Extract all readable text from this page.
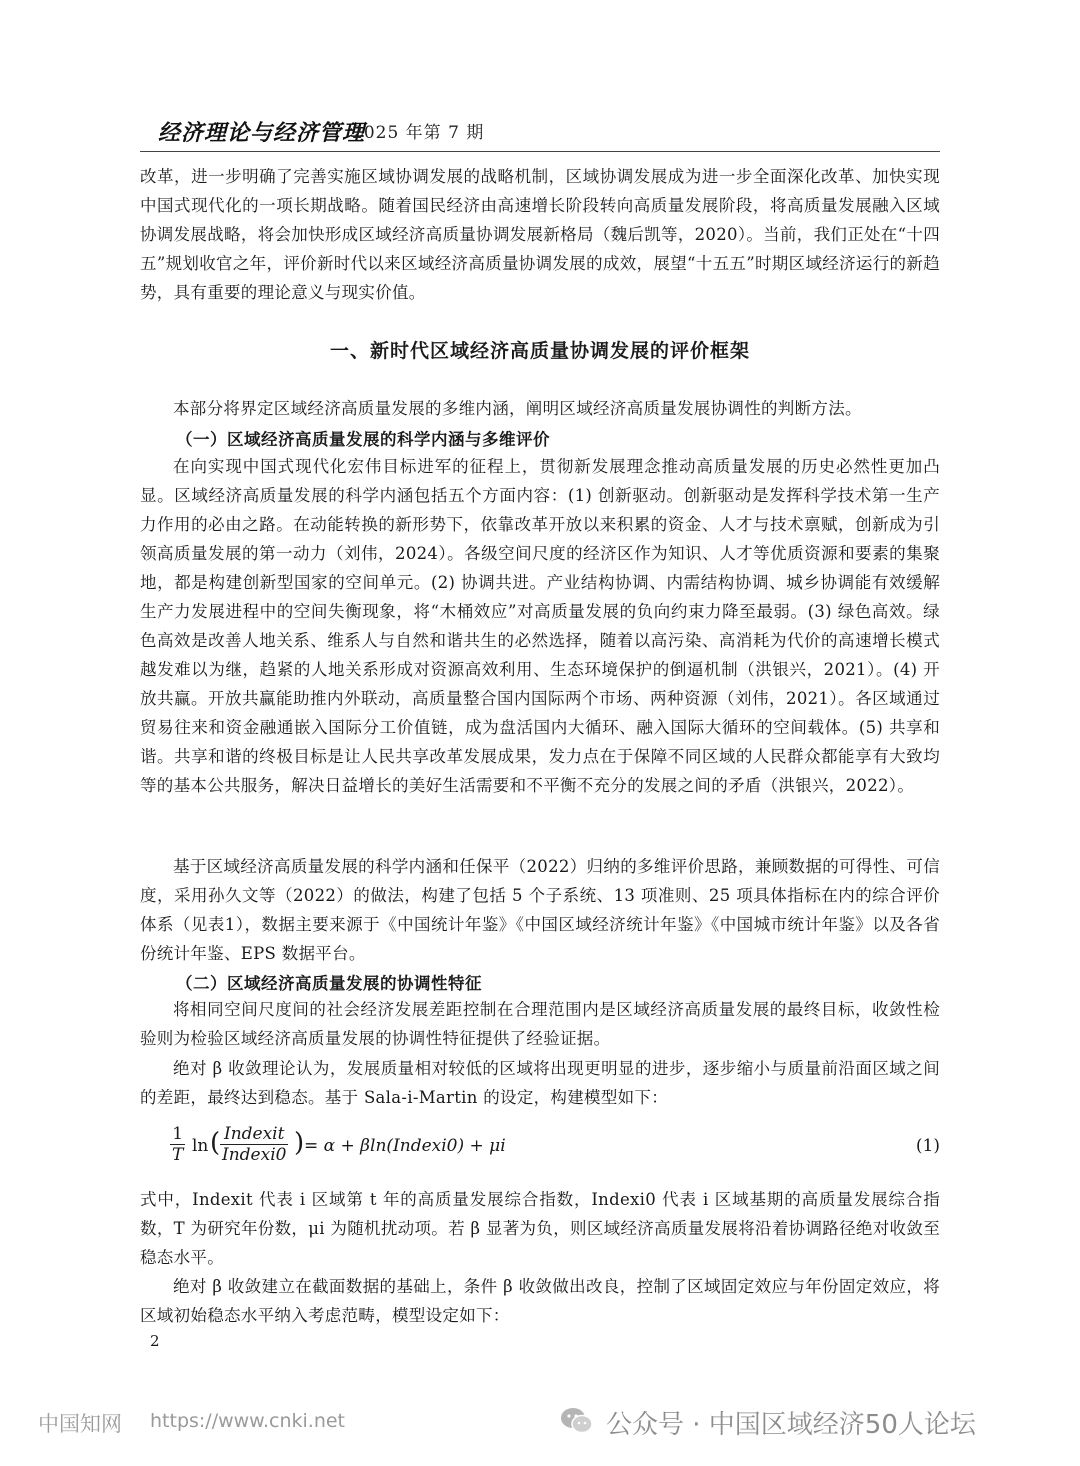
经济理论与经济管理
2025 年第 7 期

改革，进一步明确了完善实施区域协调发展的战略机制，区域协调发展成为进一步全面深化改革、加快实现中国式现代化的一项长期战略。随着国民经济由高速增长阶段转向高质量发展阶段，将高质量发展融入区域协调发展战略，将会加快形成区域经济高质量协调发展新格局（魏后凯等，2020）。当前，我们正处在“十四五”规划收官之年，评价新时代以来区域经济高质量协调发展的成效，展望“十五五”时期区域经济运行的新趋势，具有重要的理论意义与现实价值。

一、新时代区域经济高质量协调发展的评价框架

本部分将界定区域经济高质量发展的多维内涵，阐明区域经济高质量发展协调性的判断方法。

（一）区域经济高质量发展的科学内涵与多维评价

在向实现中国式现代化宏伟目标进军的征程上，贯彻新发展理念推动高质量发展的历史必然性更加凸显。区域经济高质量发展的科学内涵包括五个方面内容：(1) 创新驱动。创新驱动是发挥科学技术第一生产力作用的必由之路。在动能转换的新形势下，依靠改革开放以来积累的资金、人才与技术禀赋，创新成为引领高质量发展的第一动力（刘伟，2024）。各级空间尺度的经济区作为知识、人才等优质资源和要素的集聚地，都是构建创新型国家的空间单元。(2) 协调共进。产业结构协调、内需结构协调、城乡协调能有效缓解生产力发展进程中的空间失衡现象，将“木桶效应”对高质量发展的负向约束力降至最弱。(3) 绿色高效。绿色高效是改善人地关系、维系人与自然和谐共生的必然选择，随着以高污染、高消耗为代价的高速增长模式越发难以为继，趋紧的人地关系形成对资源高效利用、生态环境保护的倒逼机制（洪银兴，2021）。(4) 开放共赢。开放共赢能助推内外联动，高质量整合国内国际两个市场、两种资源（刘伟，2021）。各区域通过贸易往来和资金融通嵌入国际分工价值链，成为盘活国内大循环、融入国际大循环的空间载体。(5) 共享和谐。共享和谐的终极目标是让人民共享改革发展成果，发力点在于保障不同区域的人民群众都能享有大致均等的基本公共服务，解决日益增长的美好生活需要和不平衡不充分的发展之间的矛盾（洪银兴，2022）。

基于区域经济高质量发展的科学内涵和任保平（2022）归纳的多维评价思路，兼顾数据的可得性、可信度，采用孙久文等（2022）的做法，构建了包括 5 个子系统、13 项准则、25 项具体指标在内的综合评价体系（见表1），数据主要来源于《中国统计年鉴》《中国区域经济统计年鉴》《中国城市统计年鉴》以及各省份统计年鉴、EPS 数据平台。

（二）区域经济高质量发展的协调性特征

将相同空间尺度间的社会经济发展差距控制在合理范围内是区域经济高质量发展的最终目标，收敛性检验则为检验区域经济高质量发展的协调性特征提供了经验证据。

绝对 β 收敛理论认为，发展质量相对较低的区域将出现更明显的进步，逐步缩小与质量前沿面区域之间的差距，最终达到稳态。基于 Sala-i-Martin 的设定，构建模型如下：

$\frac{1}{T}$ ln ( Indexit
Indexi0 ) = α + βln(Indexi0) + μi	(1)

式中，Indexit 代表 i 区域第 t 年的高质量发展综合指数，Indexi0 代表 i 区域基期的高质量发展综合指数，T 为研究年份数，μi 为随机扰动项。若 β 显著为负，则区域经济高质量发展将沿着协调路径绝对收敛至稳态水平。

绝对 β 收敛建立在截面数据的基础上，条件 β 收敛做出改良，控制了区域固定效应与年份固定效应，将区域初始稳态水平纳入考虑范畴，模型设定如下：

2
中国知网 https://www.cnki.net	公众号 · 中国区域经济50人论坛
